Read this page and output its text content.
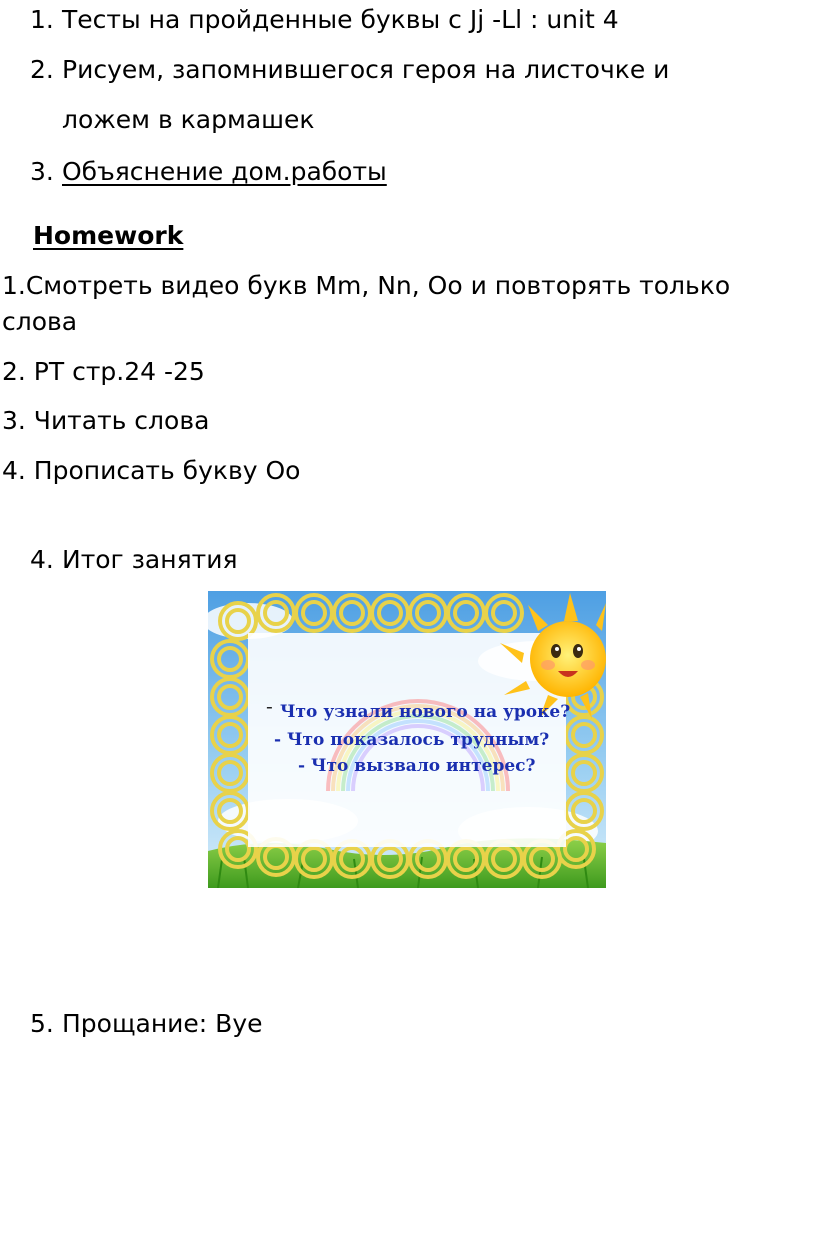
1. Тесты на пройденные буквы с Jj -Ll : unit 4
2. Рисуем, запомнившегося героя на листочке и
ложем в кармашек
3. Объяснение дом.работы
Homework
1.Смотреть видео букв Mm, Nn, Oo и повторять только
слова
2. РТ стр.24 -25
3. Читать слова
4. Прописать букву Оо
4. Итог занятия
- Что узнали нового на уроке?
- Что показалось трудным?
- Что вызвало интерес?
5. Прощание: Bye
